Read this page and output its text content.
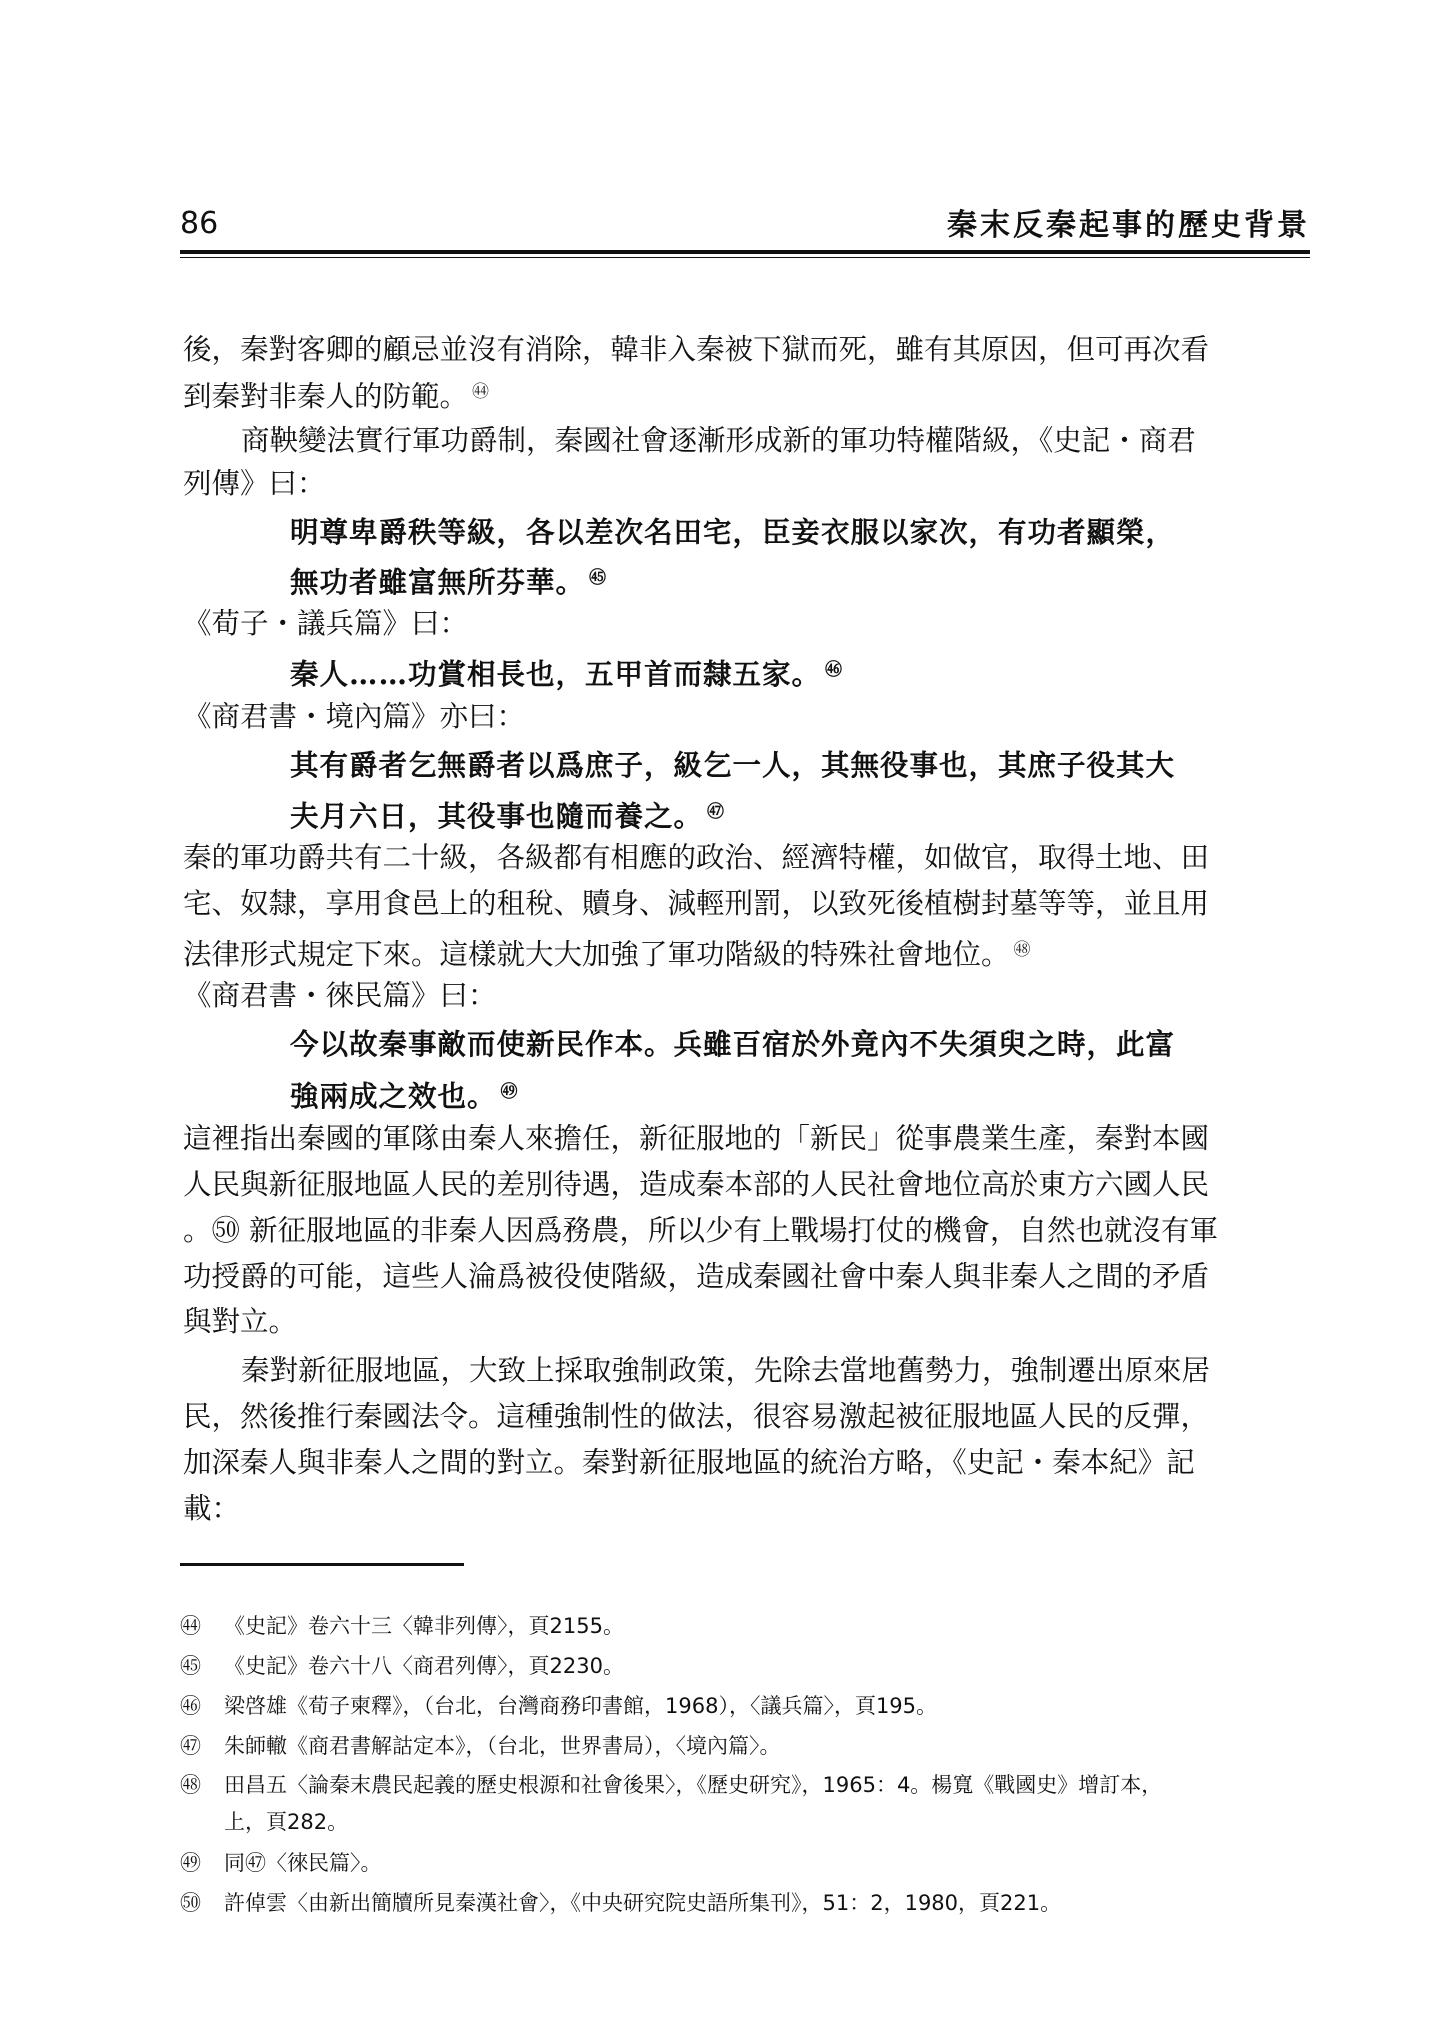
86	秦末反秦起事的歷史背景
後，秦對客卿的顧忌並沒有消除，韓非入秦被下獄而死，雖有其原因，但可再次看
到秦對非秦人的防範。 $^㊹$
商鞅變法實行軍功爵制，秦國社會逐漸形成新的軍功特權階級，《史記・商君
列傳》曰：
明尊卑爵秩等級，各以差次名田宅，臣妾衣服以家次，有功者顯榮，
無功者雖富無所芬華。 $^㊺$
《荀子・議兵篇》曰：
秦人……功賞相長也，五甲首而隸五家。 $^㊻$
《商君書・境內篇》亦曰：
其有爵者乞無爵者以爲庶子，級乞一人，其無役事也，其庶子役其大
夫月六日，其役事也隨而養之。 $^㊼$
秦的軍功爵共有二十級，各級都有相應的政治、經濟特權，如做官，取得土地、田
宅、奴隸，享用食邑上的租稅、贖身、減輕刑罰，以致死後植樹封墓等等，並且用
法律形式規定下來。這樣就大大加強了軍功階級的特殊社會地位。 $^㊽$
《商君書・徠民篇》曰：
今以故秦事敵而使新民作本。兵雖百宿於外竟內不失須臾之時，此富
強兩成之效也。 $^㊾$
這裡指出秦國的軍隊由秦人來擔任，新征服地的「新民」從事農業生產，秦對本國
人民與新征服地區人民的差別待遇，造成秦本部的人民社會地位高於東方六國人民
。㊿ 新征服地區的非秦人因爲務農，所以少有上戰場打仗的機會，自然也就沒有軍
功授爵的可能，這些人淪爲被役使階級，造成秦國社會中秦人與非秦人之間的矛盾
與對立。
秦對新征服地區，大致上採取強制政策，先除去當地舊勢力，強制遷出原來居
民，然後推行秦國法令。這種強制性的做法，很容易激起被征服地區人民的反彈，
加深秦人與非秦人之間的對立。秦對新征服地區的統治方略，《史記・秦本紀》記
載：
㊹ 《史記》卷六十三〈韓非列傳〉，頁2155。
㊺ 《史記》卷六十八〈商君列傳〉，頁2230。
㊻ 梁啓雄《荀子柬釋》，（台北，台灣商務印書館，1968），〈議兵篇〉，頁195。
㊼ 朱師轍《商君書解詁定本》，（台北，世界書局），〈境內篇〉。
㊽ 田昌五〈論秦末農民起義的歷史根源和社會後果〉，《歷史研究》，1965：4。楊寬《戰國史》增訂本，
上，頁282。
㊾ 同㊼〈徠民篇〉。
㊿ 許倬雲〈由新出簡牘所見秦漢社會〉，《中央研究院史語所集刊》，51：2，1980，頁221。
